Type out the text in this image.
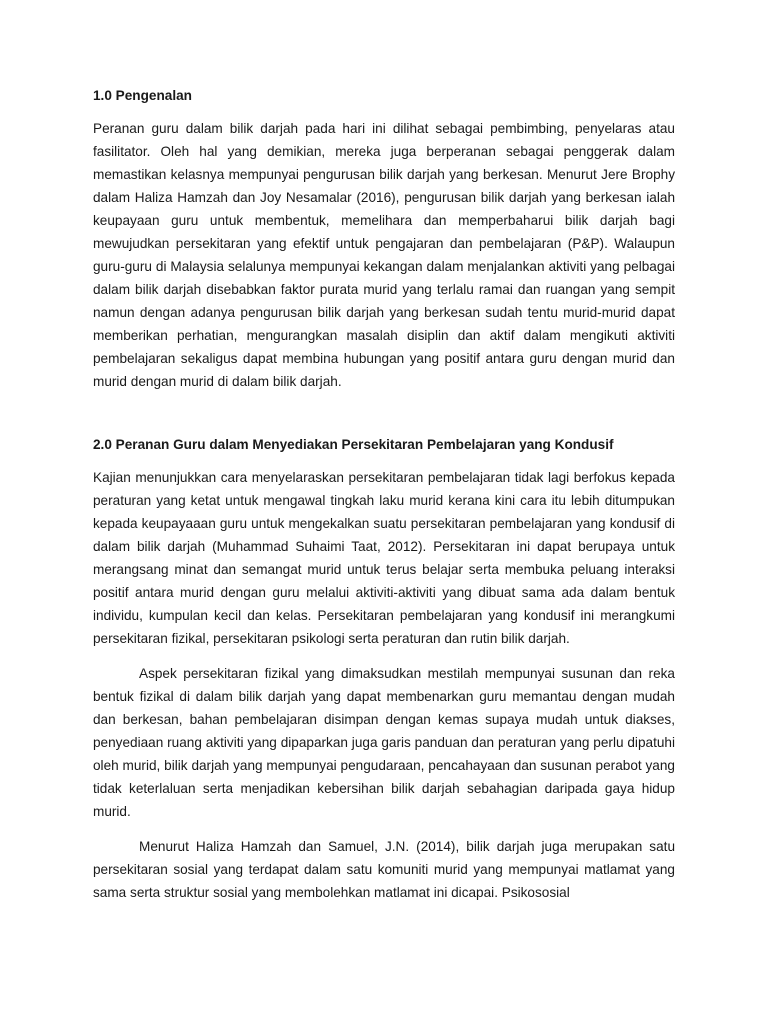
1.0 Pengenalan

Peranan guru dalam bilik darjah pada hari ini dilihat sebagai pembimbing, penyelaras atau fasilitator. Oleh hal yang demikian, mereka juga berperanan sebagai penggerak dalam memastikan kelasnya mempunyai pengurusan bilik darjah yang berkesan. Menurut Jere Brophy dalam Haliza Hamzah dan Joy Nesamalar (2016), pengurusan bilik darjah yang berkesan ialah keupayaan guru untuk membentuk, memelihara dan memperbaharui bilik darjah bagi mewujudkan persekitaran yang efektif untuk pengajaran dan pembelajaran (P&P). Walaupun guru-guru di Malaysia selalunya mempunyai kekangan dalam menjalankan aktiviti yang pelbagai dalam bilik darjah disebabkan faktor purata murid yang terlalu ramai dan ruangan yang sempit namun dengan adanya pengurusan bilik darjah yang berkesan sudah tentu murid-murid dapat memberikan perhatian, mengurangkan masalah disiplin dan aktif dalam mengikuti aktiviti pembelajaran sekaligus dapat membina hubungan yang positif antara guru dengan murid dan murid dengan murid di dalam bilik darjah.

2.0 Peranan Guru dalam Menyediakan Persekitaran Pembelajaran yang Kondusif

Kajian menunjukkan cara menyelaraskan persekitaran pembelajaran tidak lagi berfokus kepada peraturan yang ketat untuk mengawal tingkah laku murid kerana kini cara itu lebih ditumpukan kepada keupayaaan guru untuk mengekalkan suatu persekitaran pembelajaran yang kondusif di dalam bilik darjah (Muhammad Suhaimi Taat, 2012). Persekitaran ini dapat berupaya untuk merangsang minat dan semangat murid untuk terus belajar serta membuka peluang interaksi positif antara murid dengan guru melalui aktiviti-aktiviti yang dibuat sama ada dalam bentuk individu, kumpulan kecil dan kelas. Persekitaran pembelajaran yang kondusif ini merangkumi persekitaran fizikal, persekitaran psikologi serta peraturan dan rutin bilik darjah.

Aspek persekitaran fizikal yang dimaksudkan mestilah mempunyai susunan dan reka bentuk fizikal di dalam bilik darjah yang dapat membenarkan guru memantau dengan mudah dan berkesan, bahan pembelajaran disimpan dengan kemas supaya mudah untuk diakses, penyediaan ruang aktiviti yang dipaparkan juga garis panduan dan peraturan yang perlu dipatuhi oleh murid, bilik darjah yang mempunyai pengudaraan, pencahayaan dan susunan perabot yang tidak keterlaluan serta menjadikan kebersihan bilik darjah sebahagian daripada gaya hidup murid.

Menurut Haliza Hamzah dan Samuel, J.N. (2014), bilik darjah juga merupakan satu persekitaran sosial yang terdapat dalam satu komuniti murid yang mempunyai matlamat yang sama serta struktur sosial yang membolehkan matlamat ini dicapai. Psikososial
